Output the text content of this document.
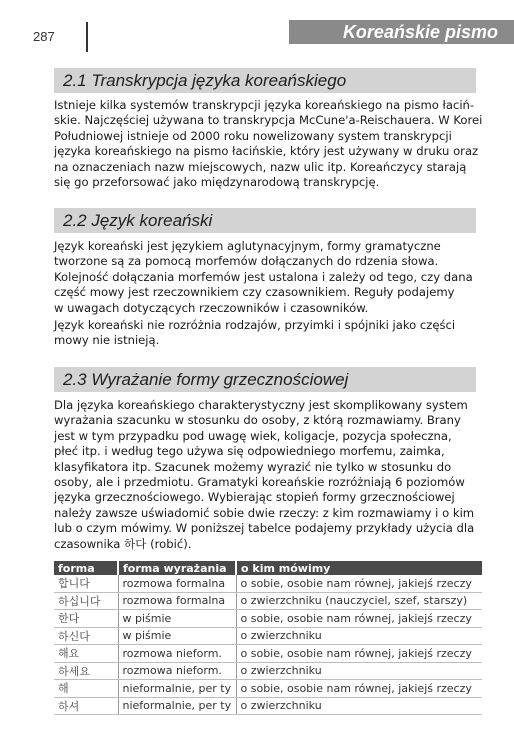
287	Koreańskie pismo
2.1 Transkrypcja języka koreańskiego
Istnieje kilka systemów transkrypcji języka koreańskiego na pismo łaciń-
skie. Najczęściej używana to transkrypcja McCune'a-Reischauera. W Korei
Południowej istnieje od 2000 roku nowelizowany system transkrypcji
języka koreańskiego na pismo łacińskie, który jest używany w druku oraz
na oznaczeniach nazw miejscowych, nazw ulic itp. Koreańczycy starają
się go przeforsować jako międzynarodową transkrypcję.
2.2 Język koreański
Język koreański jest językiem aglutynacyjnym, formy gramatyczne
tworzone są za pomocą morfemów dołączanych do rdzenia słowa.
Kolejność dołączania morfemów jest ustalona i zależy od tego, czy dana
część mowy jest rzeczownikiem czy czasownikiem. Reguły podajemy
w uwagach dotyczących rzeczowników i czasowników.
Język koreański nie rozróżnia rodzajów, przyimki i spójniki jako części
mowy nie istnieją.
2.3 Wyrażanie formy grzecznościowej
Dla języka koreańskiego charakterystyczny jest skomplikowany system
wyrażania szacunku w stosunku do osoby, z którą rozmawiamy. Brany
jest w tym przypadku pod uwagę wiek, koligacje, pozycja społeczna,
płeć itp. i według tego używa się odpowiedniego morfemu, zaimka,
klasyfikatora itp. Szacunek możemy wyrazić nie tylko w stosunku do
osoby, ale i przedmiotu. Gramatyki koreańskie rozróżniają 6 poziomów
języka grzecznościowego. Wybierając stopień formy grzecznościowej
należy zawsze uświadomić sobie dwie rzeczy: z kim rozmawiamy i o kim
lub o czym mówimy. W poniższej tabelce podajemy przykłady użycia dla
czasownika 하다 (robić).
forma	forma wyrażania	o kim mówimy
합니다	rozmowa formalna	o sobie, osobie nam równej, jakiejś rzeczy
하십니다	rozmowa formalna	o zwierzchniku (nauczyciel, szef, starszy)
한다	w piśmie	o sobie, osobie nam równej, jakiejś rzeczy
하신다	w piśmie	o zwierzchniku
해요	rozmowa nieform.	o sobie, osobie nam równej, jakiejś rzeczy
하세요	rozmowa nieform.	o zwierzchniku
해	nieformalnie, per ty	o sobie, osobie nam równej, jakiejś rzeczy
하셔	nieformalnie, per ty	o zwierzchniku
